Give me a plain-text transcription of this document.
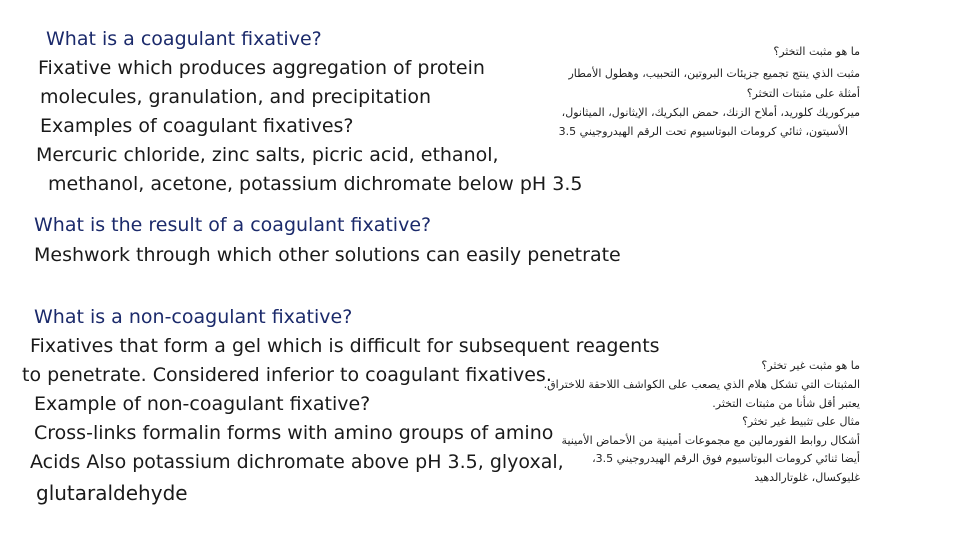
What is a coagulant fixative?
Fixative which produces aggregation of protein
molecules, granulation, and precipitation
Examples of coagulant fixatives?
Mercuric chloride, zinc salts, picric acid, ethanol,
methanol, acetone, potassium dichromate below pH 3.5
What is the result of a coagulant fixative?
Meshwork through which other solutions can easily penetrate
What is a non-coagulant fixative?
Fixatives that form a gel which is difficult for subsequent reagents
to penetrate. Considered inferior to coagulant fixatives.
Example of non-coagulant fixative?
Cross-links formalin forms with amino groups of amino
Acids Also potassium dichromate above pH 3.5, glyoxal,
glutaraldehyde
ما هو مثبت التخثر؟
مثبت الذي ينتج تجميع جزيئات البروتين، التحبيب، وهطول الأمطار
أمثلة على مثبتات التخثر؟
ميركوريك كلوريد، أملاح الزنك، حمض البكريك، الإيثانول، الميثانول،
الأسيتون، ثنائي كرومات البوتاسيوم تحت الرقم الهيدروجيني 3.5
ما هو مثبت غير تخثر؟
المثبتات التي تشكل هلام الذي يصعب على الكواشف اللاحقة للاختراق.
يعتبر أقل شأنا من مثبتات التخثر.
مثال على تثبيط غير تخثر؟
أشكال روابط الفورمالين مع مجموعات أمينية من الأحماض الأمينية
أيضا ثنائي كرومات البوتاسيوم فوق الرقم الهيدروجيني 3.5،
غليوكسال، غلوتارالدهيد
